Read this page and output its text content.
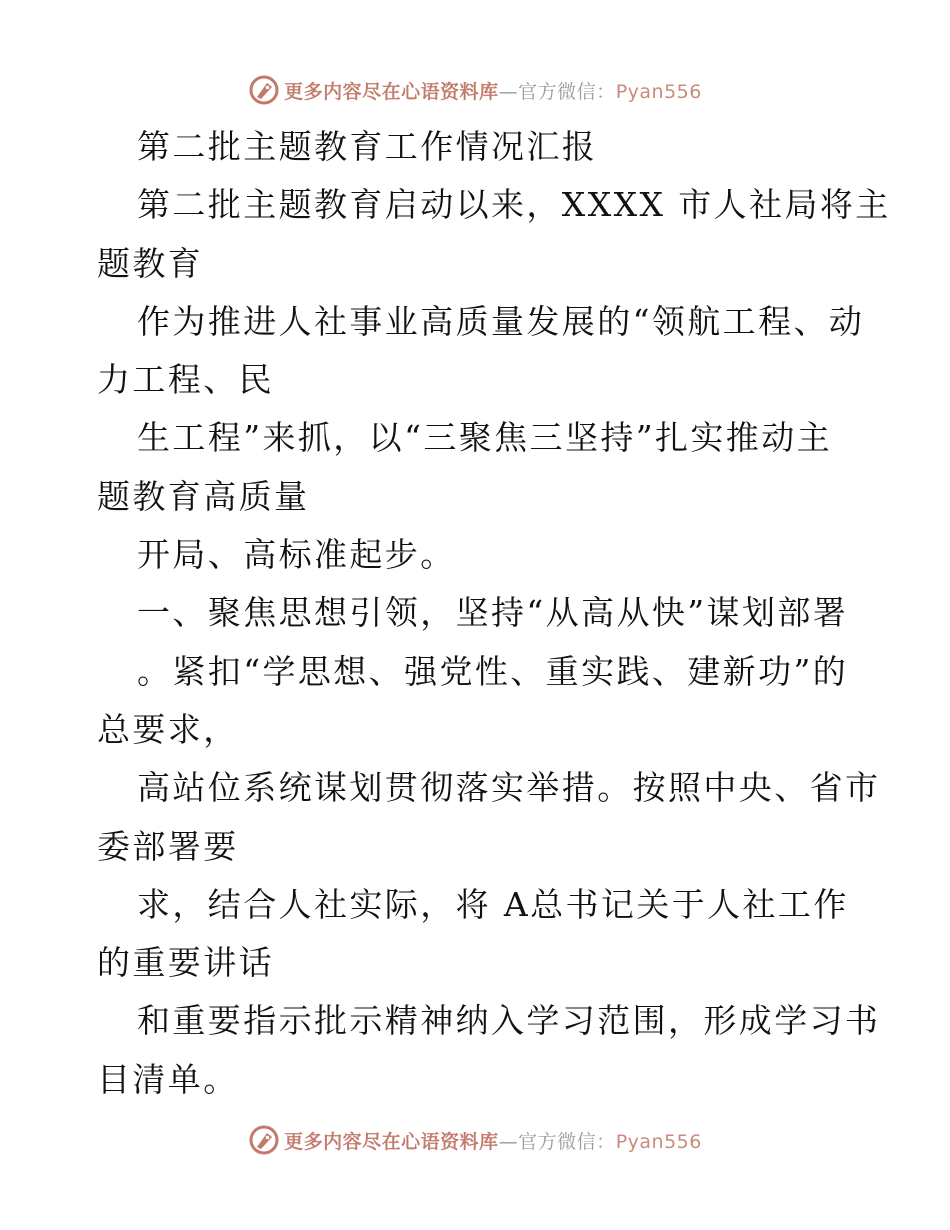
更多内容尽在心语资料库—官方微信：Pyan556
第二批主题教育工作情况汇报
第二批主题教育启动以来，XXXX 市人社局将主
题教育
作为推进人社事业高质量发展的“领航工程、动
力工程、民
生工程”来抓，以“三聚焦三坚持”扎实推动主
题教育高质量
开局、高标准起步。
一、聚焦思想引领，坚持“从高从快”谋划部署
。紧扣“学思想、强党性、重实践、建新功”的
总要求，
高站位系统谋划贯彻落实举措。按照中央、省市
委部署要
求，结合人社实际，将 A总书记关于人社工作
的重要讲话
和重要指示批示精神纳入学习范围，形成学习书
目清单。
更多内容尽在心语资料库—官方微信：Pyan556
